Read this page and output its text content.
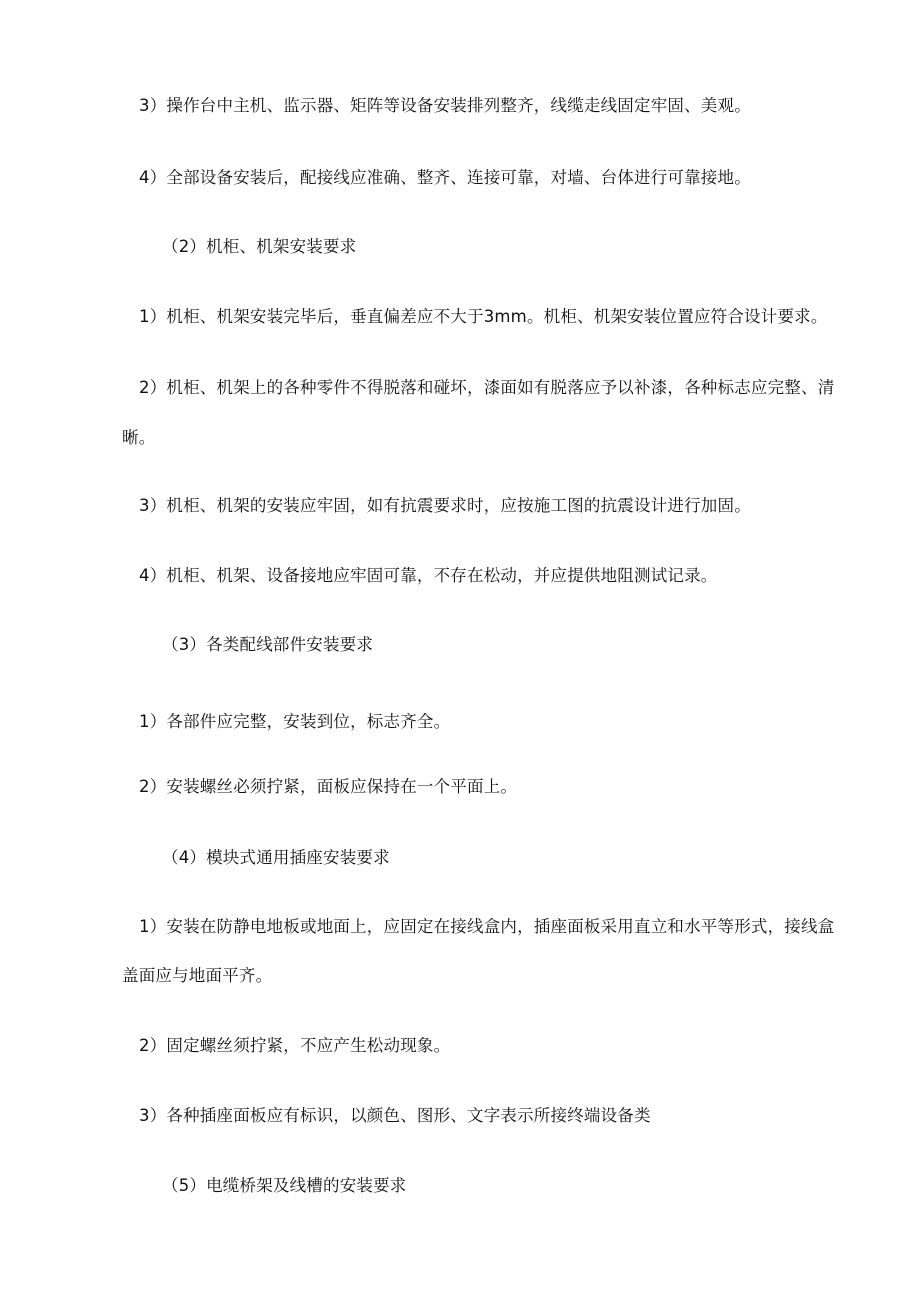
3）操作台中主机、监示器、矩阵等设备安装排列整齐，线缆走线固定牢固、美观。
4）全部设备安装后，配接线应准确、整齐、连接可靠，对墙、台体进行可靠接地。
（2）机柜、机架安装要求
1）机柜、机架安装完毕后，垂直偏差应不大于3mm。机柜、机架安装位置应符合设计要求。
2）机柜、机架上的各种零件不得脱落和碰坏，漆面如有脱落应予以补漆，各种标志应完整、清
晰。
3）机柜、机架的安装应牢固，如有抗震要求时，应按施工图的抗震设计进行加固。
4）机柜、机架、设备接地应牢固可靠，不存在松动，并应提供地阻测试记录。
（3）各类配线部件安装要求
1）各部件应完整，安装到位，标志齐全。
2）安装螺丝必须拧紧，面板应保持在一个平面上。
（4）模块式通用插座安装要求
1）安装在防静电地板或地面上，应固定在接线盒内，插座面板采用直立和水平等形式，接线盒
盖面应与地面平齐。
2）固定螺丝须拧紧，不应产生松动现象。
3）各种插座面板应有标识，以颜色、图形、文字表示所接终端设备类
（5）电缆桥架及线槽的安装要求
